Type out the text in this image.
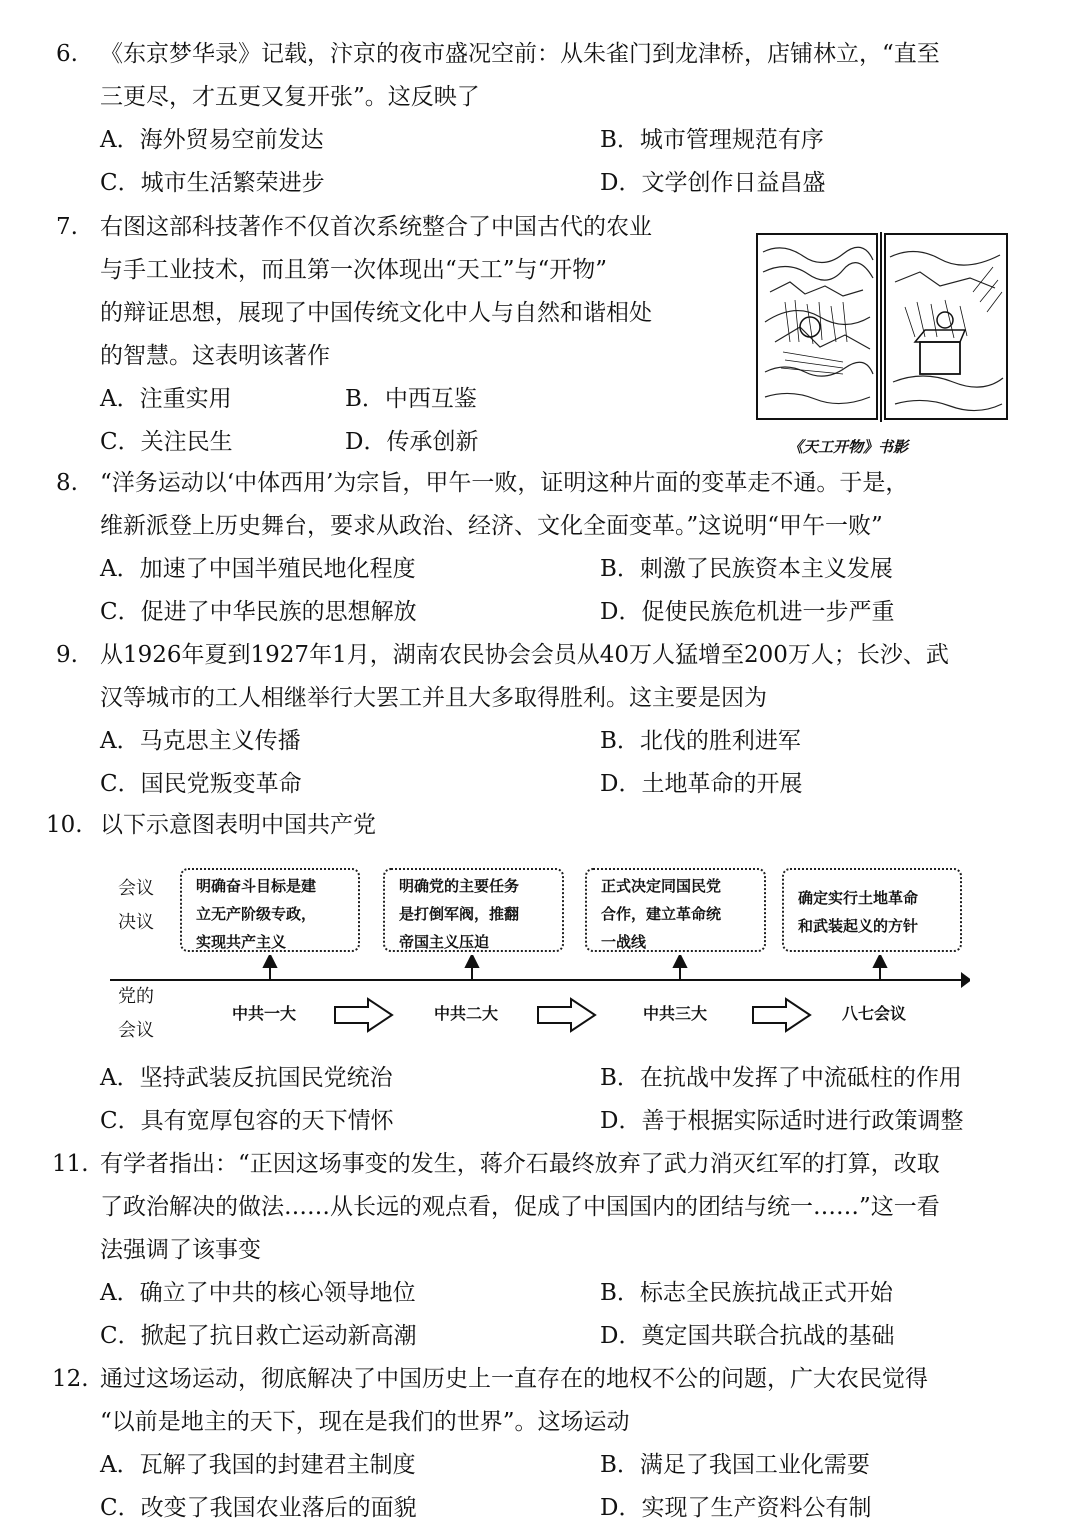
6. 《东京梦华录》记载，汴京的夜市盛况空前：从朱雀门到龙津桥，店铺林立，“直至
三更尽，才五更又复开张”。这反映了
A．海外贸易空前发达	B．城市管理规范有序
C．城市生活繁荣进步	D．文学创作日益昌盛
7. 右图这部科技著作不仅首次系统整合了中国古代的农业
与手工业技术，而且第一次体现出“天工”与“开物”
的辩证思想，展现了中国传统文化中人与自然和谐相处
的智慧。这表明该著作
A．注重实用	B．中西互鉴
C．关注民生	D．传承创新	《天工开物》书影
8. “洋务运动以‘中体西用’为宗旨，甲午一败，证明这种片面的变革走不通。于是，
维新派登上历史舞台，要求从政治、经济、文化全面变革。”这说明“甲午一败”
A．加速了中国半殖民地化程度	B．刺激了民族资本主义发展
C．促进了中华民族的思想解放	D．促使民族危机进一步严重
9. 从1926年夏到1927年1月，湖南农民协会会员从40万人猛增至200万人；长沙、武
汉等城市的工人相继举行大罢工并且大多取得胜利。这主要是因为
A．马克思主义传播	B．北伐的胜利进军
C．国民党叛变革命	D．土地革命的开展
10. 以下示意图表明中国共产党
会议
决议
党的
会议
明确奋斗目标是建
立无产阶级专政，
实现共产主义
明确党的主要任务
是打倒军阀，推翻
帝国主义压迫
正式决定同国民党
合作，建立革命统
一战线
确定实行土地革命
和武装起义的方针
中共一大	中共二大	中共三大	八七会议
A．坚持武装反抗国民党统治	B．在抗战中发挥了中流砥柱的作用
C．具有宽厚包容的天下情怀	D．善于根据实际适时进行政策调整
11. 有学者指出：“正因这场事变的发生，蒋介石最终放弃了武力消灭红军的打算，改取
了政治解决的做法……从长远的观点看，促成了中国国内的团结与统一……”这一看
法强调了该事变
A．确立了中共的核心领导地位	B．标志全民族抗战正式开始
C．掀起了抗日救亡运动新高潮	D．奠定国共联合抗战的基础
12. 通过这场运动，彻底解决了中国历史上一直存在的地权不公的问题，广大农民觉得
“以前是地主的天下，现在是我们的世界”。这场运动
A．瓦解了我国的封建君主制度	B．满足了我国工业化需要
C．改变了我国农业落后的面貌	D．实现了生产资料公有制
